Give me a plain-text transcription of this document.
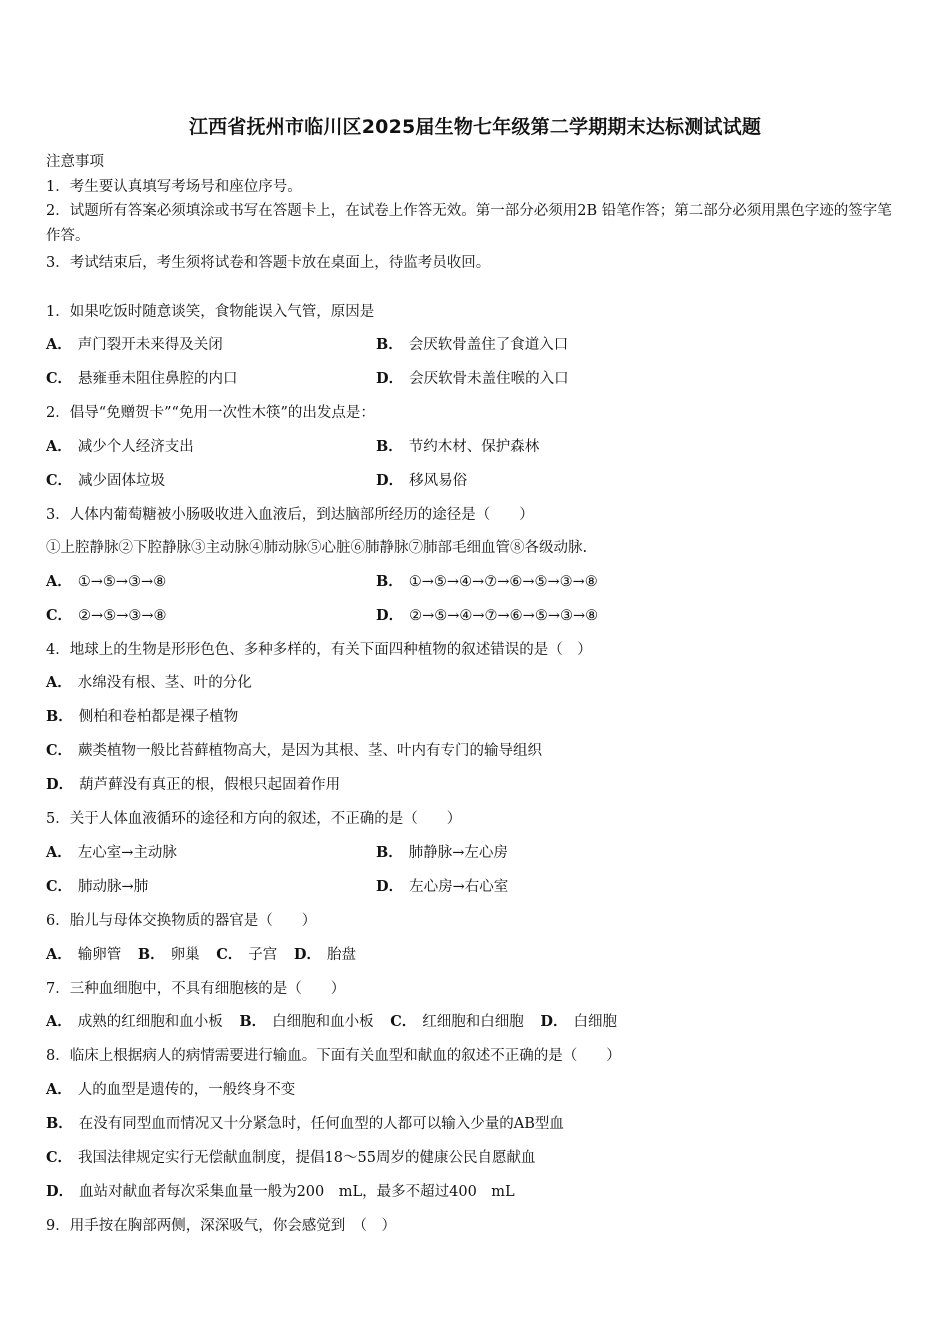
江西省抚州市临川区2025届生物七年级第二学期期末达标测试试题
注意事项
1．考生要认真填写考场号和座位序号。
2．试题所有答案必须填涂或书写在答题卡上，在试卷上作答无效。第一部分必须用2B 铅笔作答；第二部分必须用黑色字迹的签字笔作答。
3．考试结束后，考生须将试卷和答题卡放在桌面上，待监考员收回。
1．如果吃饭时随意谈笑，食物能误入气管，原因是
A． 声门裂开未来得及关闭	B． 会厌软骨盖住了食道入口
C． 悬雍垂未阻住鼻腔的内口	D． 会厌软骨未盖住喉的入口
2．倡导“免赠贺卡”“免用一次性木筷”的出发点是：
A． 减少个人经济支出	B． 节约木材、保护森林
C． 减少固体垃圾	D． 移风易俗
3．人体内葡萄糖被小肠吸收进入血液后，到达脑部所经历的途径是（　　）
①上腔静脉②下腔静脉③主动脉④肺动脉⑤心脏⑥肺静脉⑦肺部毛细血管⑧各级动脉.
A． ①→⑤→③→⑧	B． ①→⑤→④→⑦→⑥→⑤→③→⑧
C． ②→⑤→③→⑧	D． ②→⑤→④→⑦→⑥→⑤→③→⑧
4．地球上的生物是形形色色、多种多样的，有关下面四种植物的叙述错误的是（　）
A． 水绵没有根、茎、叶的分化
B． 侧柏和卷柏都是裸子植物
C． 蕨类植物一般比苔藓植物高大，是因为其根、茎、叶内有专门的输导组织
D． 葫芦藓没有真正的根，假根只起固着作用
5．关于人体血液循环的途径和方向的叙述，不正确的是（　　）
A． 左心室→主动脉	B． 肺静脉→左心房
C． 肺动脉→肺	D． 左心房→右心室
6．胎儿与母体交换物质的器官是（　　）
A． 输卵管 B． 卵巢 C． 子宫 D． 胎盘
7．三种血细胞中，不具有细胞核的是（　　）
A． 成熟的红细胞和血小板 B． 白细胞和血小板 C． 红细胞和白细胞 D． 白细胞
8．临床上根据病人的病情需要进行输血。下面有关血型和献血的叙述不正确的是（　　）
A． 人的血型是遗传的，一般终身不变
B． 在没有同型血而情况又十分紧急时，任何血型的人都可以输入少量的AB型血
C． 我国法律规定实行无偿献血制度，提倡18～55周岁的健康公民自愿献血
D． 血站对献血者每次采集血量一般为200　mL，最多不超过400　mL
9．用手按在胸部两侧，深深吸气，你会感觉到　（　）
